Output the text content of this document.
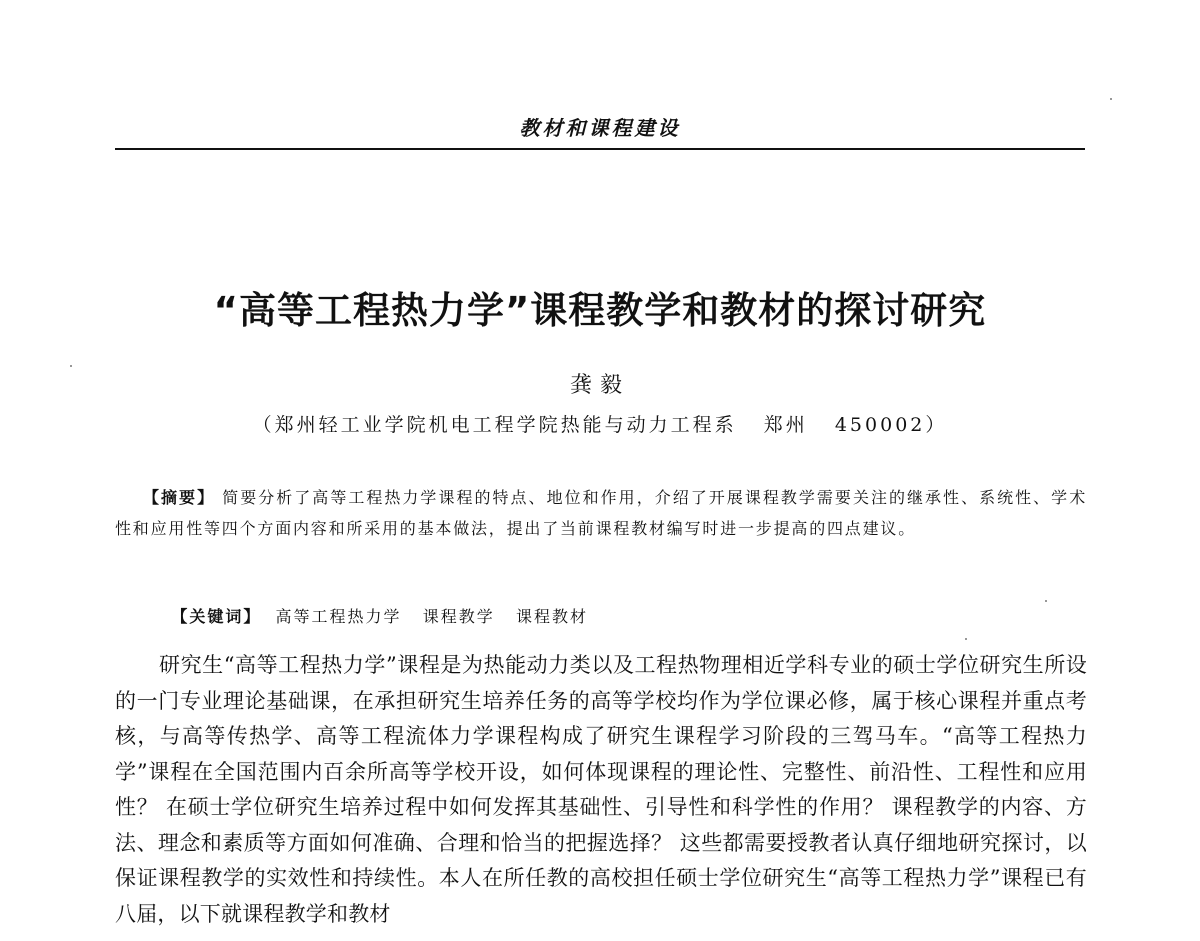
教材和课程建设
“高等工程热力学”课程教学和教材的探讨研究
龚毅
（郑州轻工业学院机电工程学院热能与动力工程系   郑州   450002）
【摘要】 简要分析了高等工程热力学课程的特点、地位和作用，介绍了开展课程教学需要关注的继承性、系统性、学术性和应用性等四个方面内容和所采用的基本做法，提出了当前课程教材编写时进一步提高的四点建议。

【关键词】  高等工程热力学   课程教学   课程教材

研究生“高等工程热力学”课程是为热能动力类以及工程热物理相近学科专业的硕士学位研究生所设的一门专业理论基础课，在承担研究生培养任务的高等学校均作为学位课必修，属于核心课程并重点考核，与高等传热学、高等工程流体力学课程构成了研究生课程学习阶段的三驾马车。“高等工程热力学”课程在全国范围内百余所高等学校开设，如何体现课程的理论性、完整性、前沿性、工程性和应用性？ 在硕士学位研究生培养过程中如何发挥其基础性、引导性和科学性的作用？ 课程教学的内容、方法、理念和素质等方面如何准确、合理和恰当的把握选择？ 这些都需要授教者认真仔细地研究探讨，以保证课程教学的实效性和持续性。本人在所任教的高校担任硕士学位研究生“高等工程热力学”课程已有八届，以下就课程教学和教材
